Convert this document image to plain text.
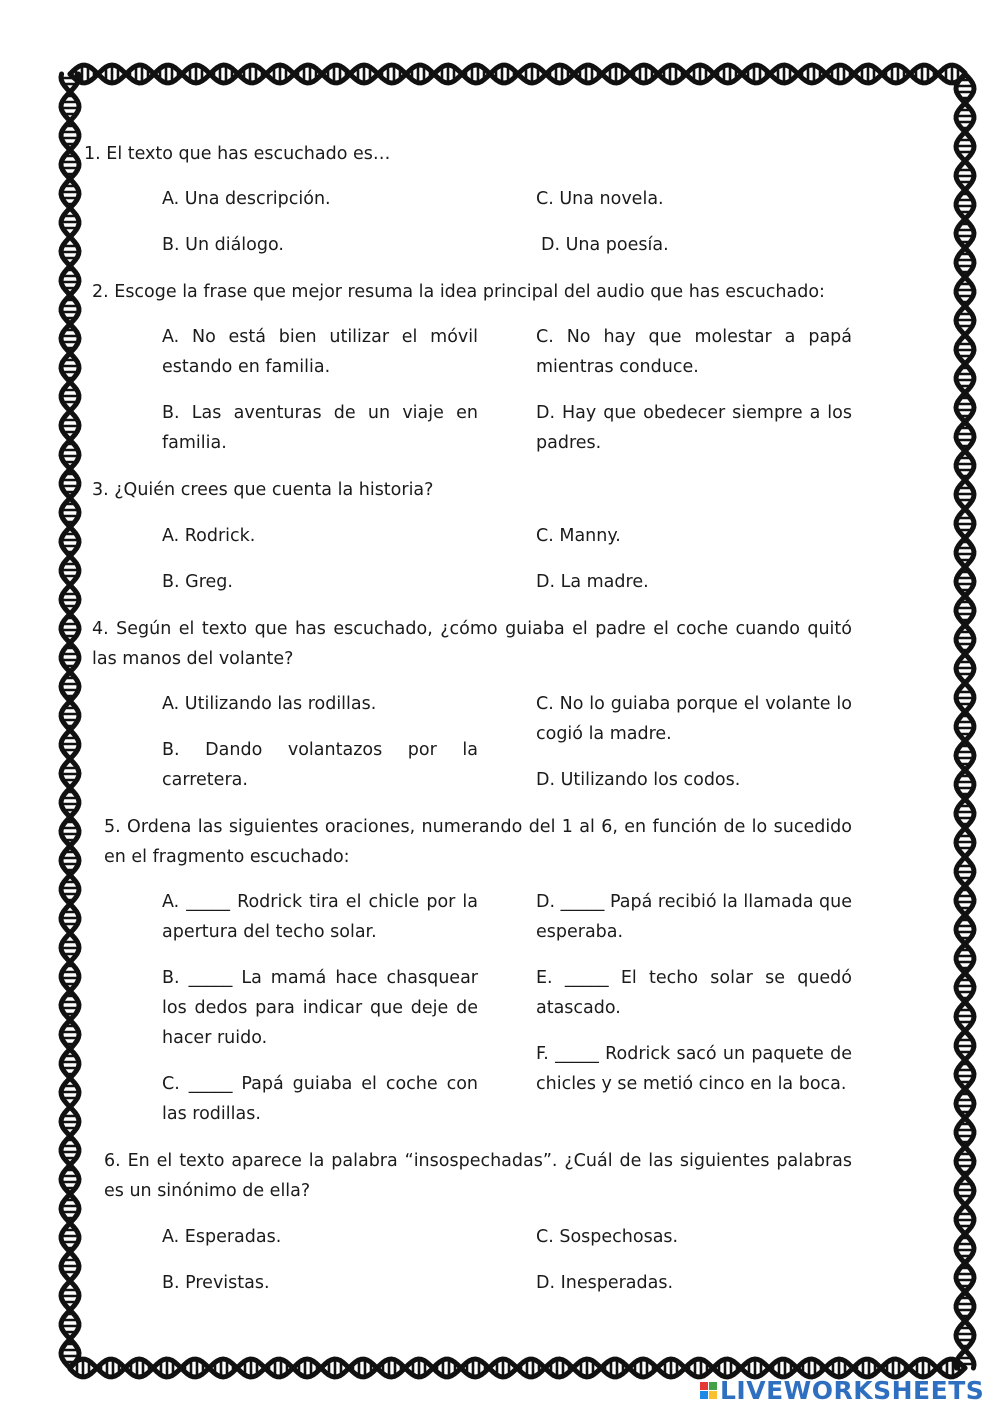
1. El texto que has escuchado es…

A. Una descripción.	C. Una novela.

B. Un diálogo.	D. Una poesía.

2. Escoge la frase que mejor resuma la idea principal del audio que has escuchado:

A. No está bien utilizar el móvil estando en familia.

C. No hay que molestar a papá mientras conduce.

B. Las aventuras de un viaje en familia.

D. Hay que obedecer siempre a los padres.

3. ¿Quién crees que cuenta la historia?

A. Rodrick.	C. Manny.

B. Greg.	D. La madre.

4. Según el texto que has escuchado, ¿cómo guiaba el padre el coche cuando quitó las manos del volante?

A. Utilizando las rodillas.	C. No lo guiaba porque el volante lo cogió la madre.

B. Dando volantazos por la carretera.	D. Utilizando los codos.

5. Ordena las siguientes oraciones, numerando del 1 al 6, en función de lo sucedido en el fragmento escuchado:

A. _____ Rodrick tira el chicle por la apertura del techo solar.

D. _____ Papá recibió la llamada que esperaba.

B. _____ La mamá hace chasquear los dedos para indicar que deje de hacer ruido.

E. _____ El techo solar se quedó atascado.

F. _____ Rodrick sacó un paquete de chicles y se metió cinco en la boca.

C. _____ Papá guiaba el coche con las rodillas.

6. En el texto aparece la palabra “insospechadas”. ¿Cuál de las siguientes palabras es un sinónimo de ella?

A. Esperadas.	C. Sospechosas.

B. Previstas.	D. Inesperadas.

LIVEWORKSHEETS
